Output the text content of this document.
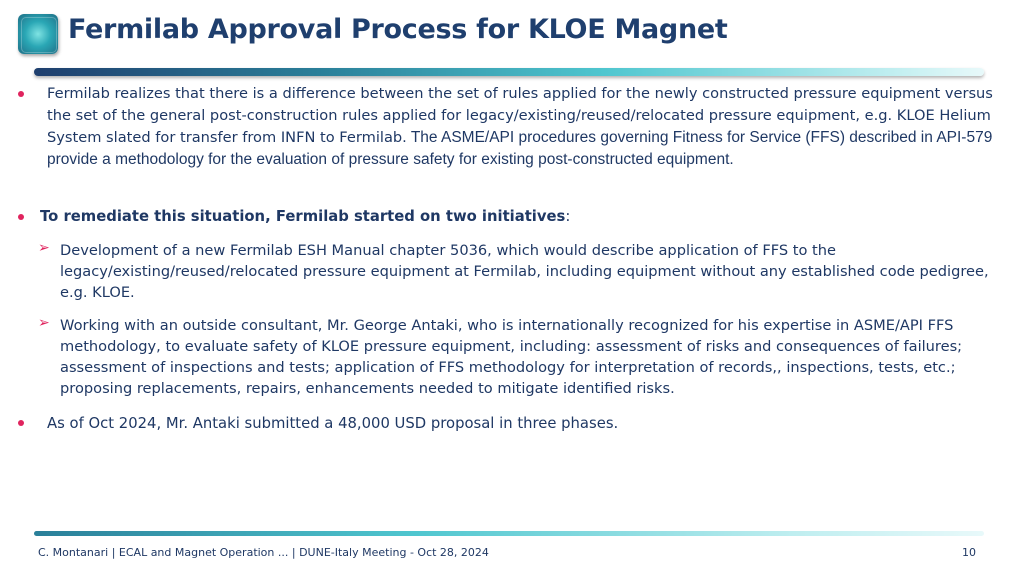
Fermilab Approval Process for KLOE Magnet
Fermilab realizes that there is a difference between the set of rules applied for the newly constructed pressure equipment versus the set of the general post-construction rules applied for legacy/existing/reused/relocated pressure equipment, e.g. KLOE Helium System slated for transfer from INFN to Fermilab. The ASME/API procedures governing Fitness for Service (FFS) described in API-579 provide a methodology for the evaluation of pressure safety for existing post-constructed equipment.
To remediate this situation, Fermilab started on two initiatives:
➢ Development of a new Fermilab ESH Manual chapter 5036, which would describe application of FFS to the legacy/existing/reused/relocated pressure equipment at Fermilab, including equipment without any established code pedigree, e.g. KLOE.
➢ Working with an outside consultant, Mr. George Antaki, who is internationally recognized for his expertise in ASME/API FFS methodology, to evaluate safety of KLOE pressure equipment, including: assessment of risks and consequences of failures; assessment of inspections and tests; application of FFS methodology for interpretation of records,, inspections, tests, etc.; proposing replacements, repairs, enhancements needed to mitigate identified risks.
As of Oct 2024, Mr. Antaki submitted a 48,000 USD proposal in three phases.
C. Montanari | ECAL and Magnet Operation ... | DUNE-Italy Meeting - Oct 28, 2024	10
